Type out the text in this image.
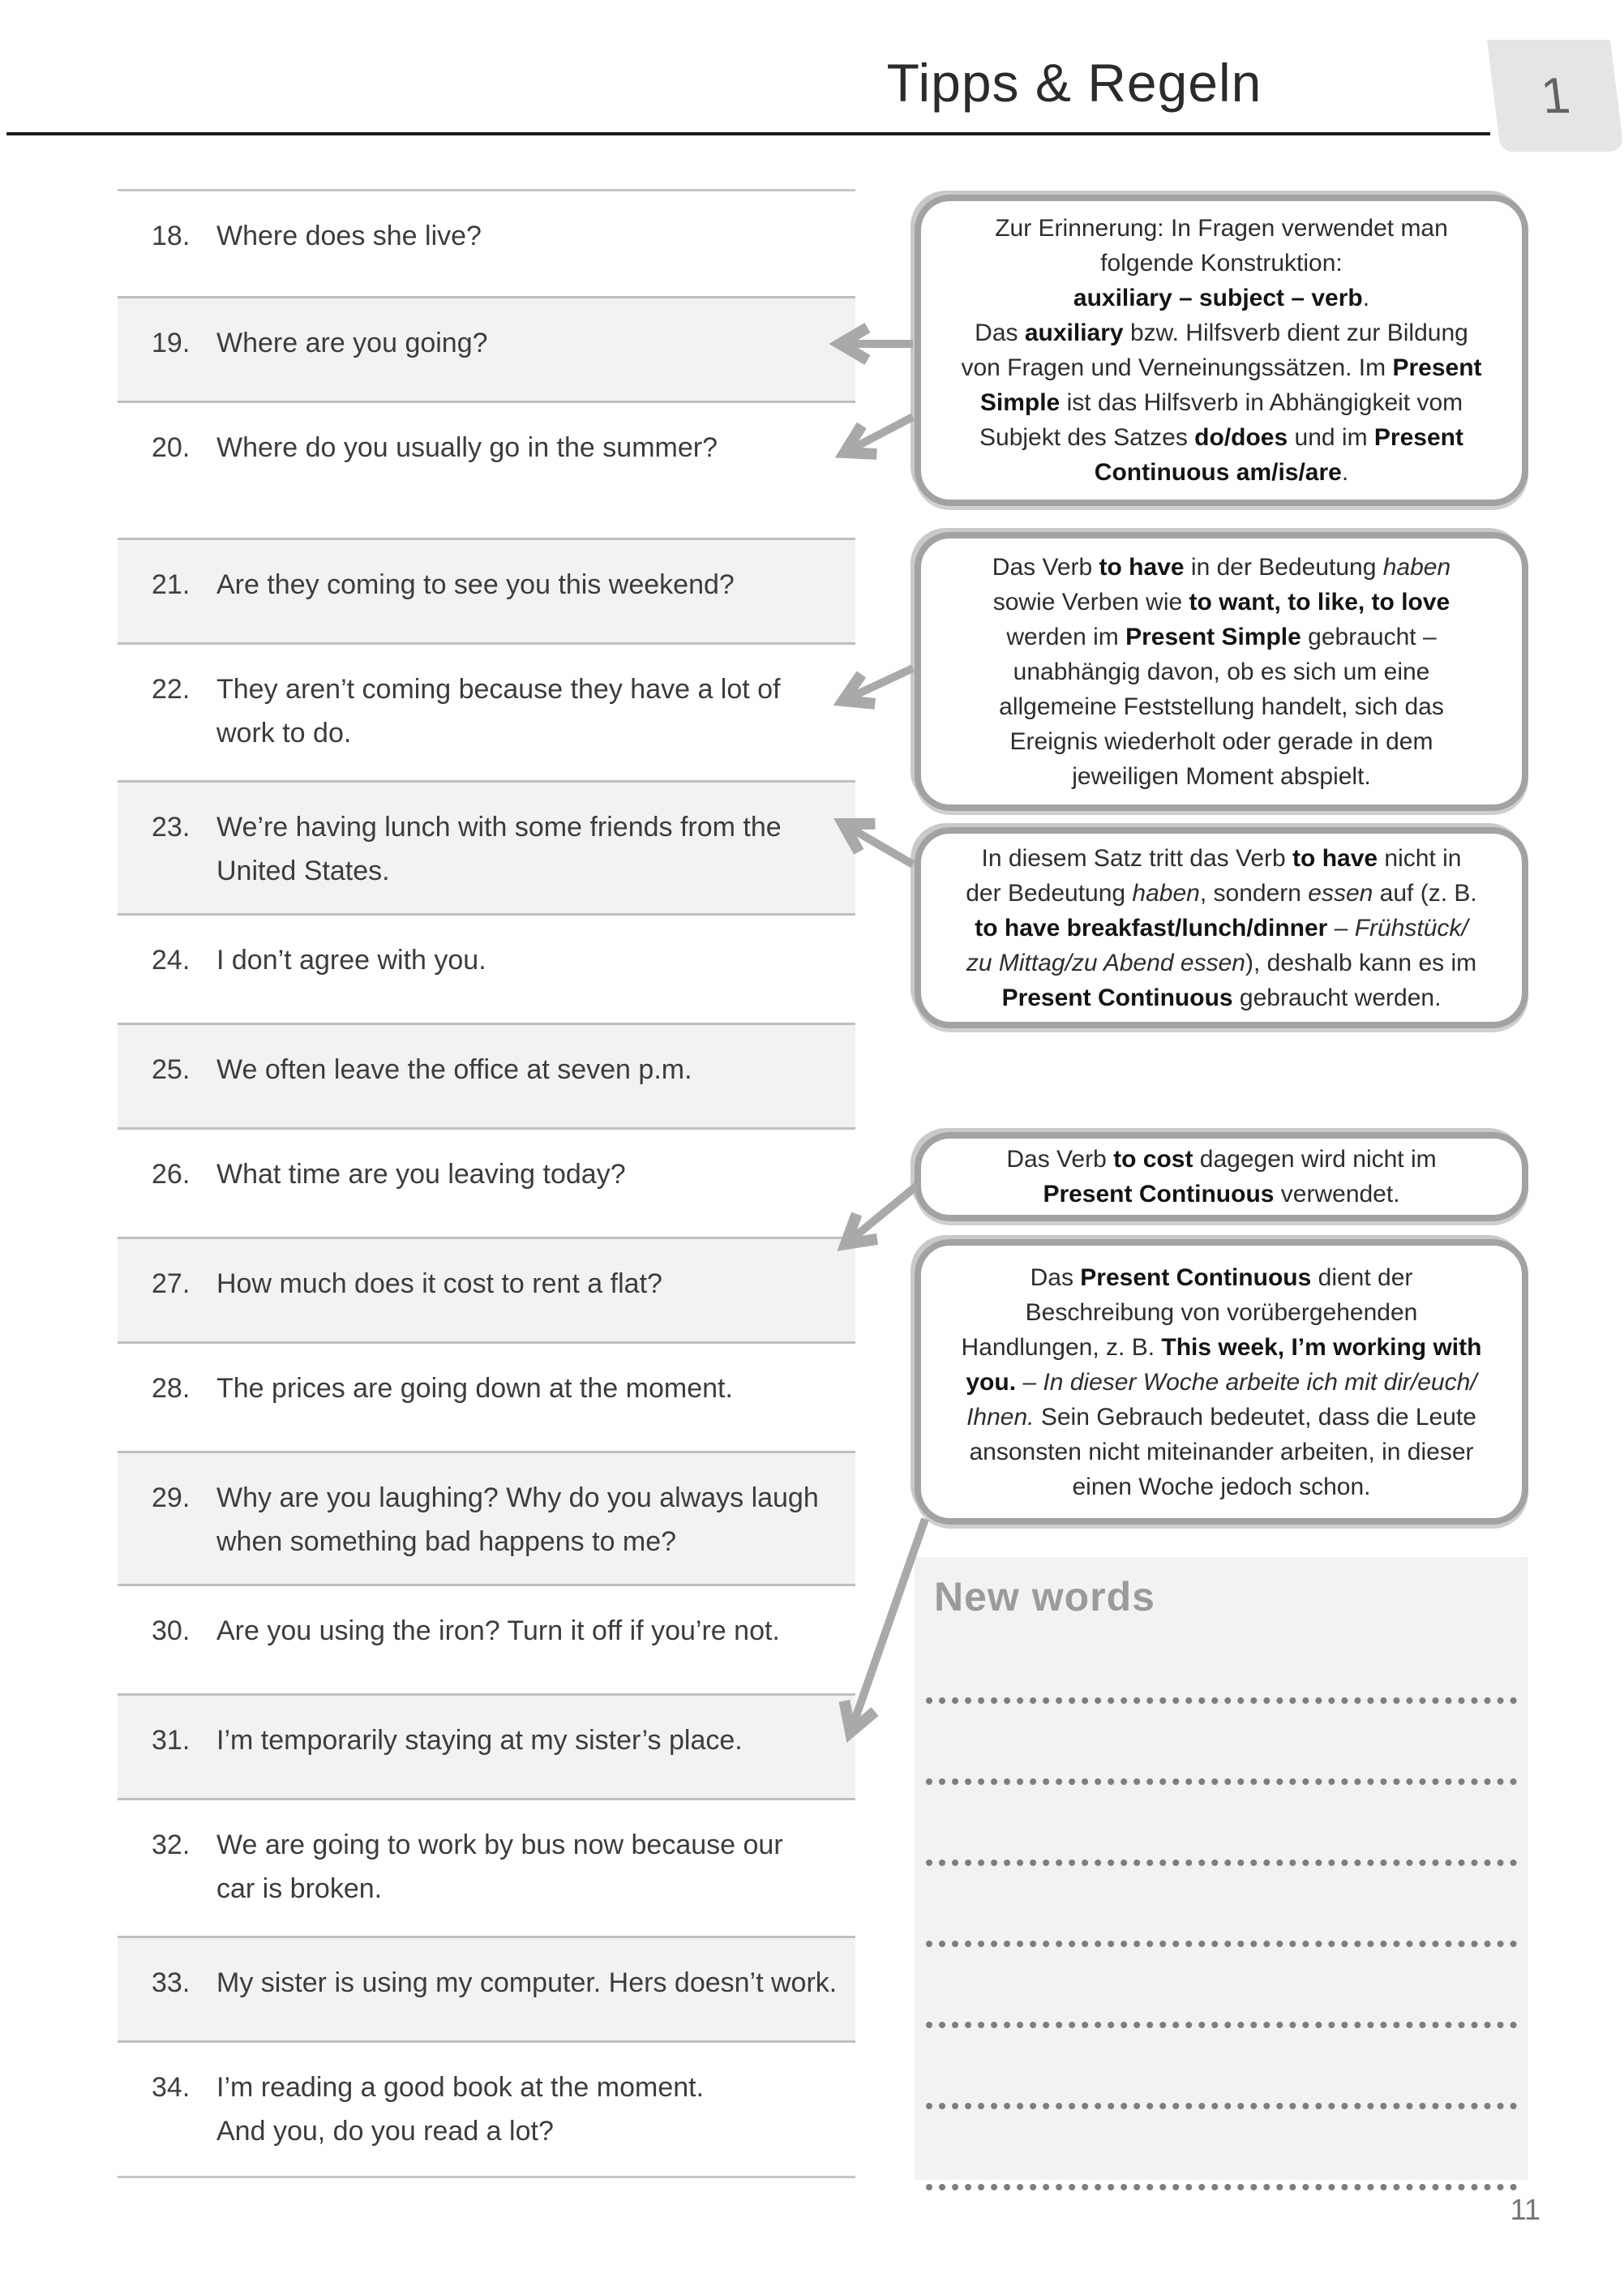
Tipps & Regeln	1
18. Where does she live?
19. Where are you going?
20. Where do you usually go in the summer?
21. Are they coming to see you this weekend?
22. They aren’t coming because they have a lot of
work to do.
23. We’re having lunch with some friends from the
United States.
24. I don’t agree with you.
25. We often leave the office at seven p.m.
26. What time are you leaving today?
27. How much does it cost to rent a flat?
28. The prices are going down at the moment.
29. Why are you laughing? Why do you always laugh
when something bad happens to me?
30. Are you using the iron? Turn it off if you’re not.
31. I’m temporarily staying at my sister’s place.
32. We are going to work by bus now because our
car is broken.
33. My sister is using my computer. Hers doesn’t work.
34. I’m reading a good book at the moment.
And you, do you read a lot?
Zur Erinnerung: In Fragen verwendet man
folgende Konstruktion:
auxiliary – subject – verb.
Das auxiliary bzw. Hilfsverb dient zur Bildung
von Fragen und Verneinungssätzen. Im Present
Simple ist das Hilfsverb in Abhängigkeit vom
Subjekt des Satzes do/does und im Present
Continuous am/is/are.
Das Verb to have in der Bedeutung haben
sowie Verben wie to want, to like, to love
werden im Present Simple gebraucht –
unabhängig davon, ob es sich um eine
allgemeine Feststellung handelt, sich das
Ereignis wiederholt oder gerade in dem
jeweiligen Moment abspielt.
In diesem Satz tritt das Verb to have nicht in
der Bedeutung haben, sondern essen auf (z. B.
to have breakfast/lunch/dinner – Frühstück/
zu Mittag/zu Abend essen), deshalb kann es im
Present Continuous gebraucht werden.
Das Verb to cost dagegen wird nicht im
Present Continuous verwendet.
Das Present Continuous dient der
Beschreibung von vorübergehenden
Handlungen, z. B. This week, I’m working with
you. – In dieser Woche arbeite ich mit dir/euch/
Ihnen. Sein Gebrauch bedeutet, dass die Leute
ansonsten nicht miteinander arbeiten, in dieser
einen Woche jedoch schon.
New words
11
